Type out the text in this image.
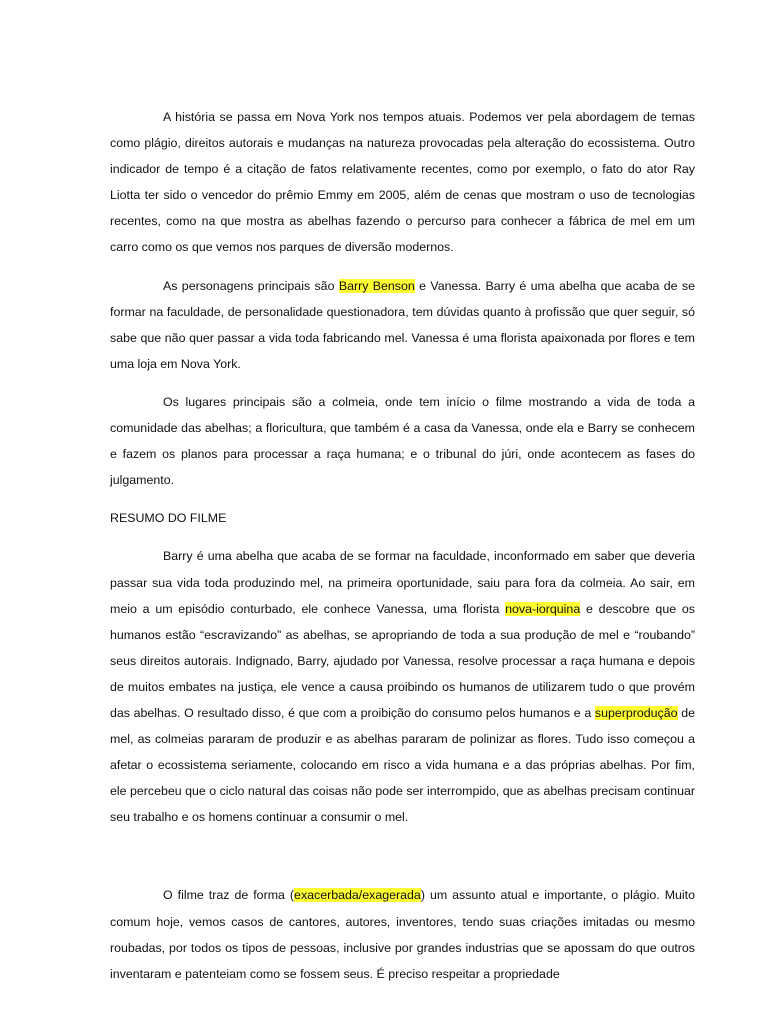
A história se passa em Nova York nos tempos atuais. Podemos ver pela abordagem de temas como plágio, direitos autorais e mudanças na natureza provocadas pela alteração do ecossistema. Outro indicador de tempo é a citação de fatos relativamente recentes, como por exemplo, o fato do ator Ray Liotta ter sido o vencedor do prêmio Emmy em 2005, além de cenas que mostram o uso de tecnologias recentes, como na que mostra as abelhas fazendo o percurso para conhecer a fábrica de mel em um carro como os que vemos nos parques de diversão modernos.

As personagens principais são Barry Benson e Vanessa. Barry é uma abelha que acaba de se formar na faculdade, de personalidade questionadora, tem dúvidas quanto à profissão que quer seguir, só sabe que não quer passar a vida toda fabricando mel. Vanessa é uma florista apaixonada por flores e tem uma loja em Nova York.

Os lugares principais são a colmeia, onde tem início o filme mostrando a vida de toda a comunidade das abelhas; a floricultura, que também é a casa da Vanessa, onde ela e Barry se conhecem e fazem os planos para processar a raça humana; e o tribunal do júri, onde acontecem as fases do julgamento.

RESUMO DO FILME

Barry é uma abelha que acaba de se formar na faculdade, inconformado em saber que deveria passar sua vida toda produzindo mel, na primeira oportunidade, saiu para fora da colmeia. Ao sair, em meio a um episódio conturbado, ele conhece Vanessa, uma florista nova-iorquina e descobre que os humanos estão “escravizando” as abelhas, se apropriando de toda a sua produção de mel e “roubando” seus direitos autorais. Indignado, Barry, ajudado por Vanessa, resolve processar a raça humana e depois de muitos embates na justiça, ele vence a causa proibindo os humanos de utilizarem tudo o que provém das abelhas. O resultado disso, é que com a proibição do consumo pelos humanos e a superprodução de mel, as colmeias pararam de produzir e as abelhas pararam de polinizar as flores. Tudo isso começou a afetar o ecossistema seriamente, colocando em risco a vida humana e a das próprias abelhas. Por fim, ele percebeu que o ciclo natural das coisas não pode ser interrompido, que as abelhas precisam continuar seu trabalho e os homens continuar a consumir o mel.

O filme traz de forma (exacerbada/exagerada) um assunto atual e importante, o plágio. Muito comum hoje, vemos casos de cantores, autores, inventores, tendo suas criações imitadas ou mesmo roubadas, por todos os tipos de pessoas, inclusive por grandes industrias que se apossam do que outros inventaram e patenteiam como se fossem seus. É preciso respeitar a propriedade
